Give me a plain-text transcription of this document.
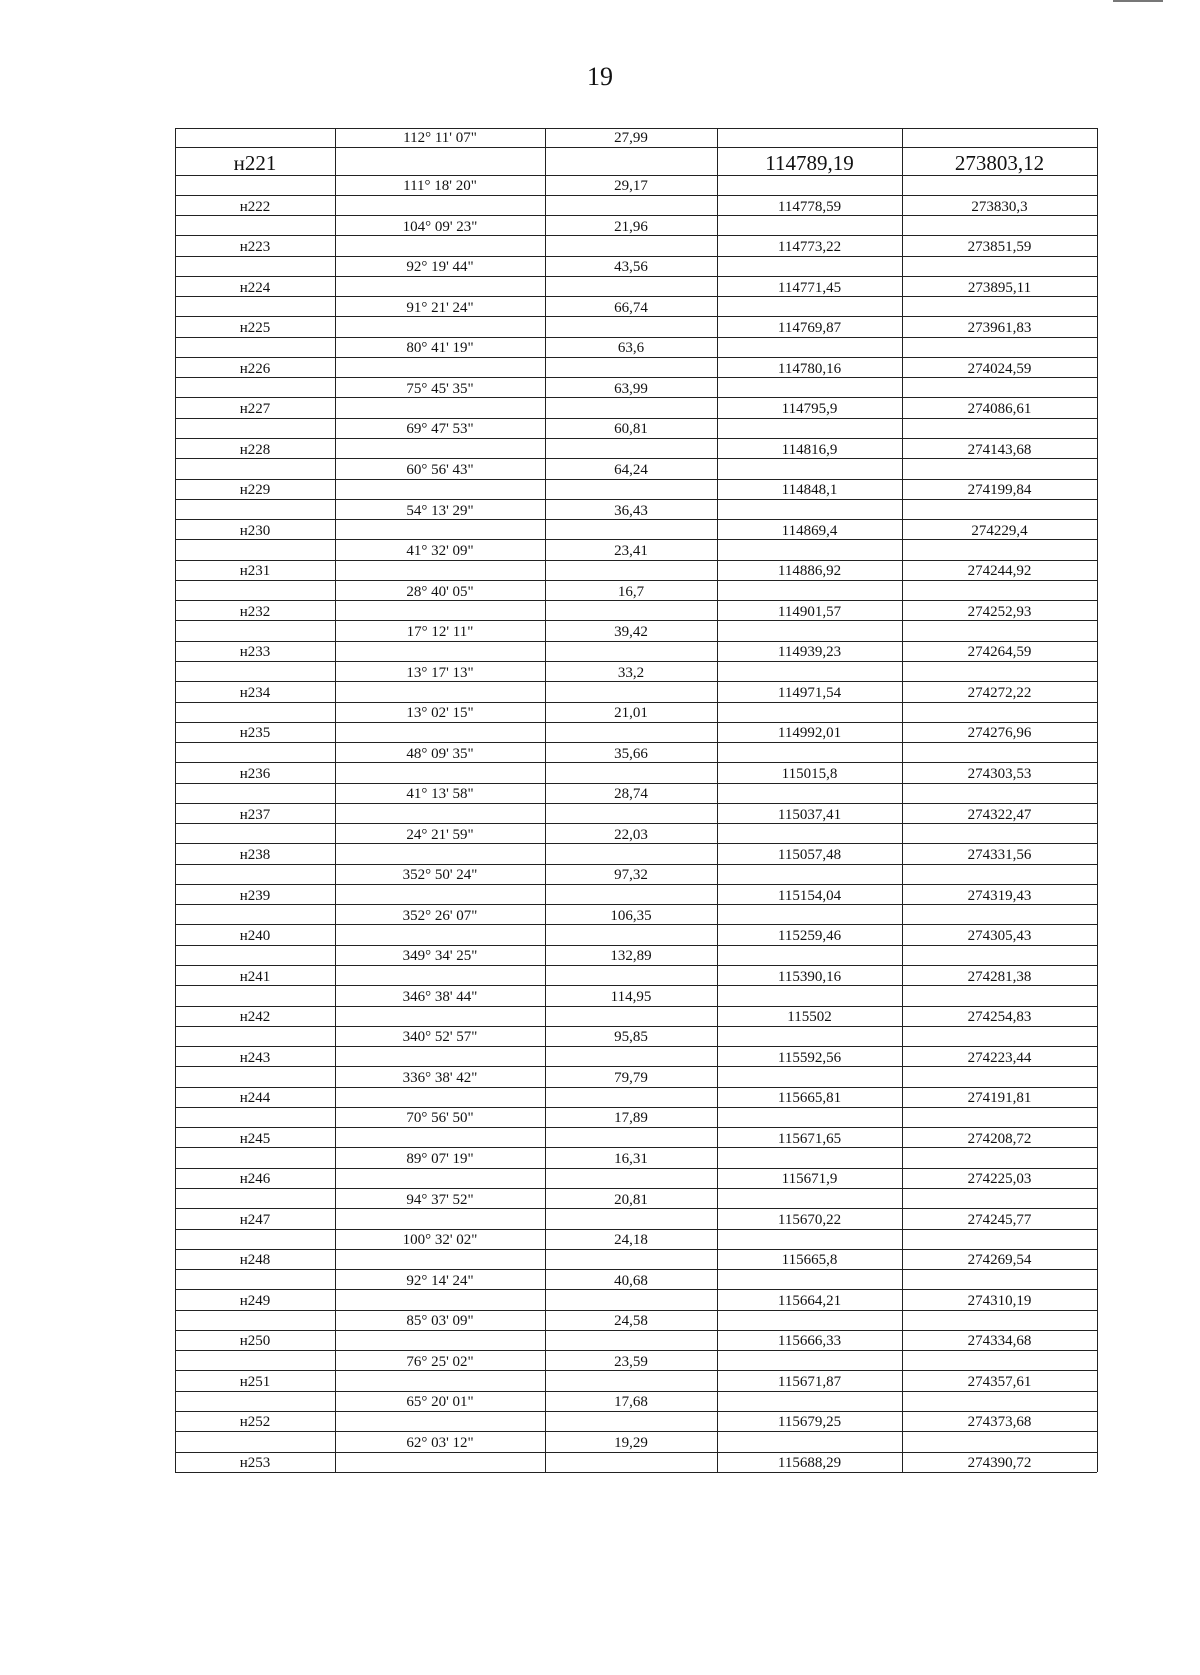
19
112° 11' 07"	27,99
н221	114789,19	273803,12
111° 18' 20"	29,17
н222	114778,59	273830,3
104° 09' 23"	21,96
н223	114773,22	273851,59
92° 19' 44"	43,56
н224	114771,45	273895,11
91° 21' 24"	66,74
н225	114769,87	273961,83
80° 41' 19"	63,6
н226	114780,16	274024,59
75° 45' 35"	63,99
н227	114795,9	274086,61
69° 47' 53"	60,81
н228	114816,9	274143,68
60° 56' 43"	64,24
н229	114848,1	274199,84
54° 13' 29"	36,43
н230	114869,4	274229,4
41° 32' 09"	23,41
н231	114886,92	274244,92
28° 40' 05"	16,7
н232	114901,57	274252,93
17° 12' 11"	39,42
н233	114939,23	274264,59
13° 17' 13"	33,2
н234	114971,54	274272,22
13° 02' 15"	21,01
н235	114992,01	274276,96
48° 09' 35"	35,66
н236	115015,8	274303,53
41° 13' 58"	28,74
н237	115037,41	274322,47
24° 21' 59"	22,03
н238	115057,48	274331,56
352° 50' 24"	97,32
н239	115154,04	274319,43
352° 26' 07"	106,35
н240	115259,46	274305,43
349° 34' 25"	132,89
н241	115390,16	274281,38
346° 38' 44"	114,95
н242	115502	274254,83
340° 52' 57"	95,85
н243	115592,56	274223,44
336° 38' 42"	79,79
н244	115665,81	274191,81
70° 56' 50"	17,89
н245	115671,65	274208,72
89° 07' 19"	16,31
н246	115671,9	274225,03
94° 37' 52"	20,81
н247	115670,22	274245,77
100° 32' 02"	24,18
н248	115665,8	274269,54
92° 14' 24"	40,68
н249	115664,21	274310,19
85° 03' 09"	24,58
н250	115666,33	274334,68
76° 25' 02"	23,59
н251	115671,87	274357,61
65° 20' 01"	17,68
н252	115679,25	274373,68
62° 03' 12"	19,29
н253	115688,29	274390,72
